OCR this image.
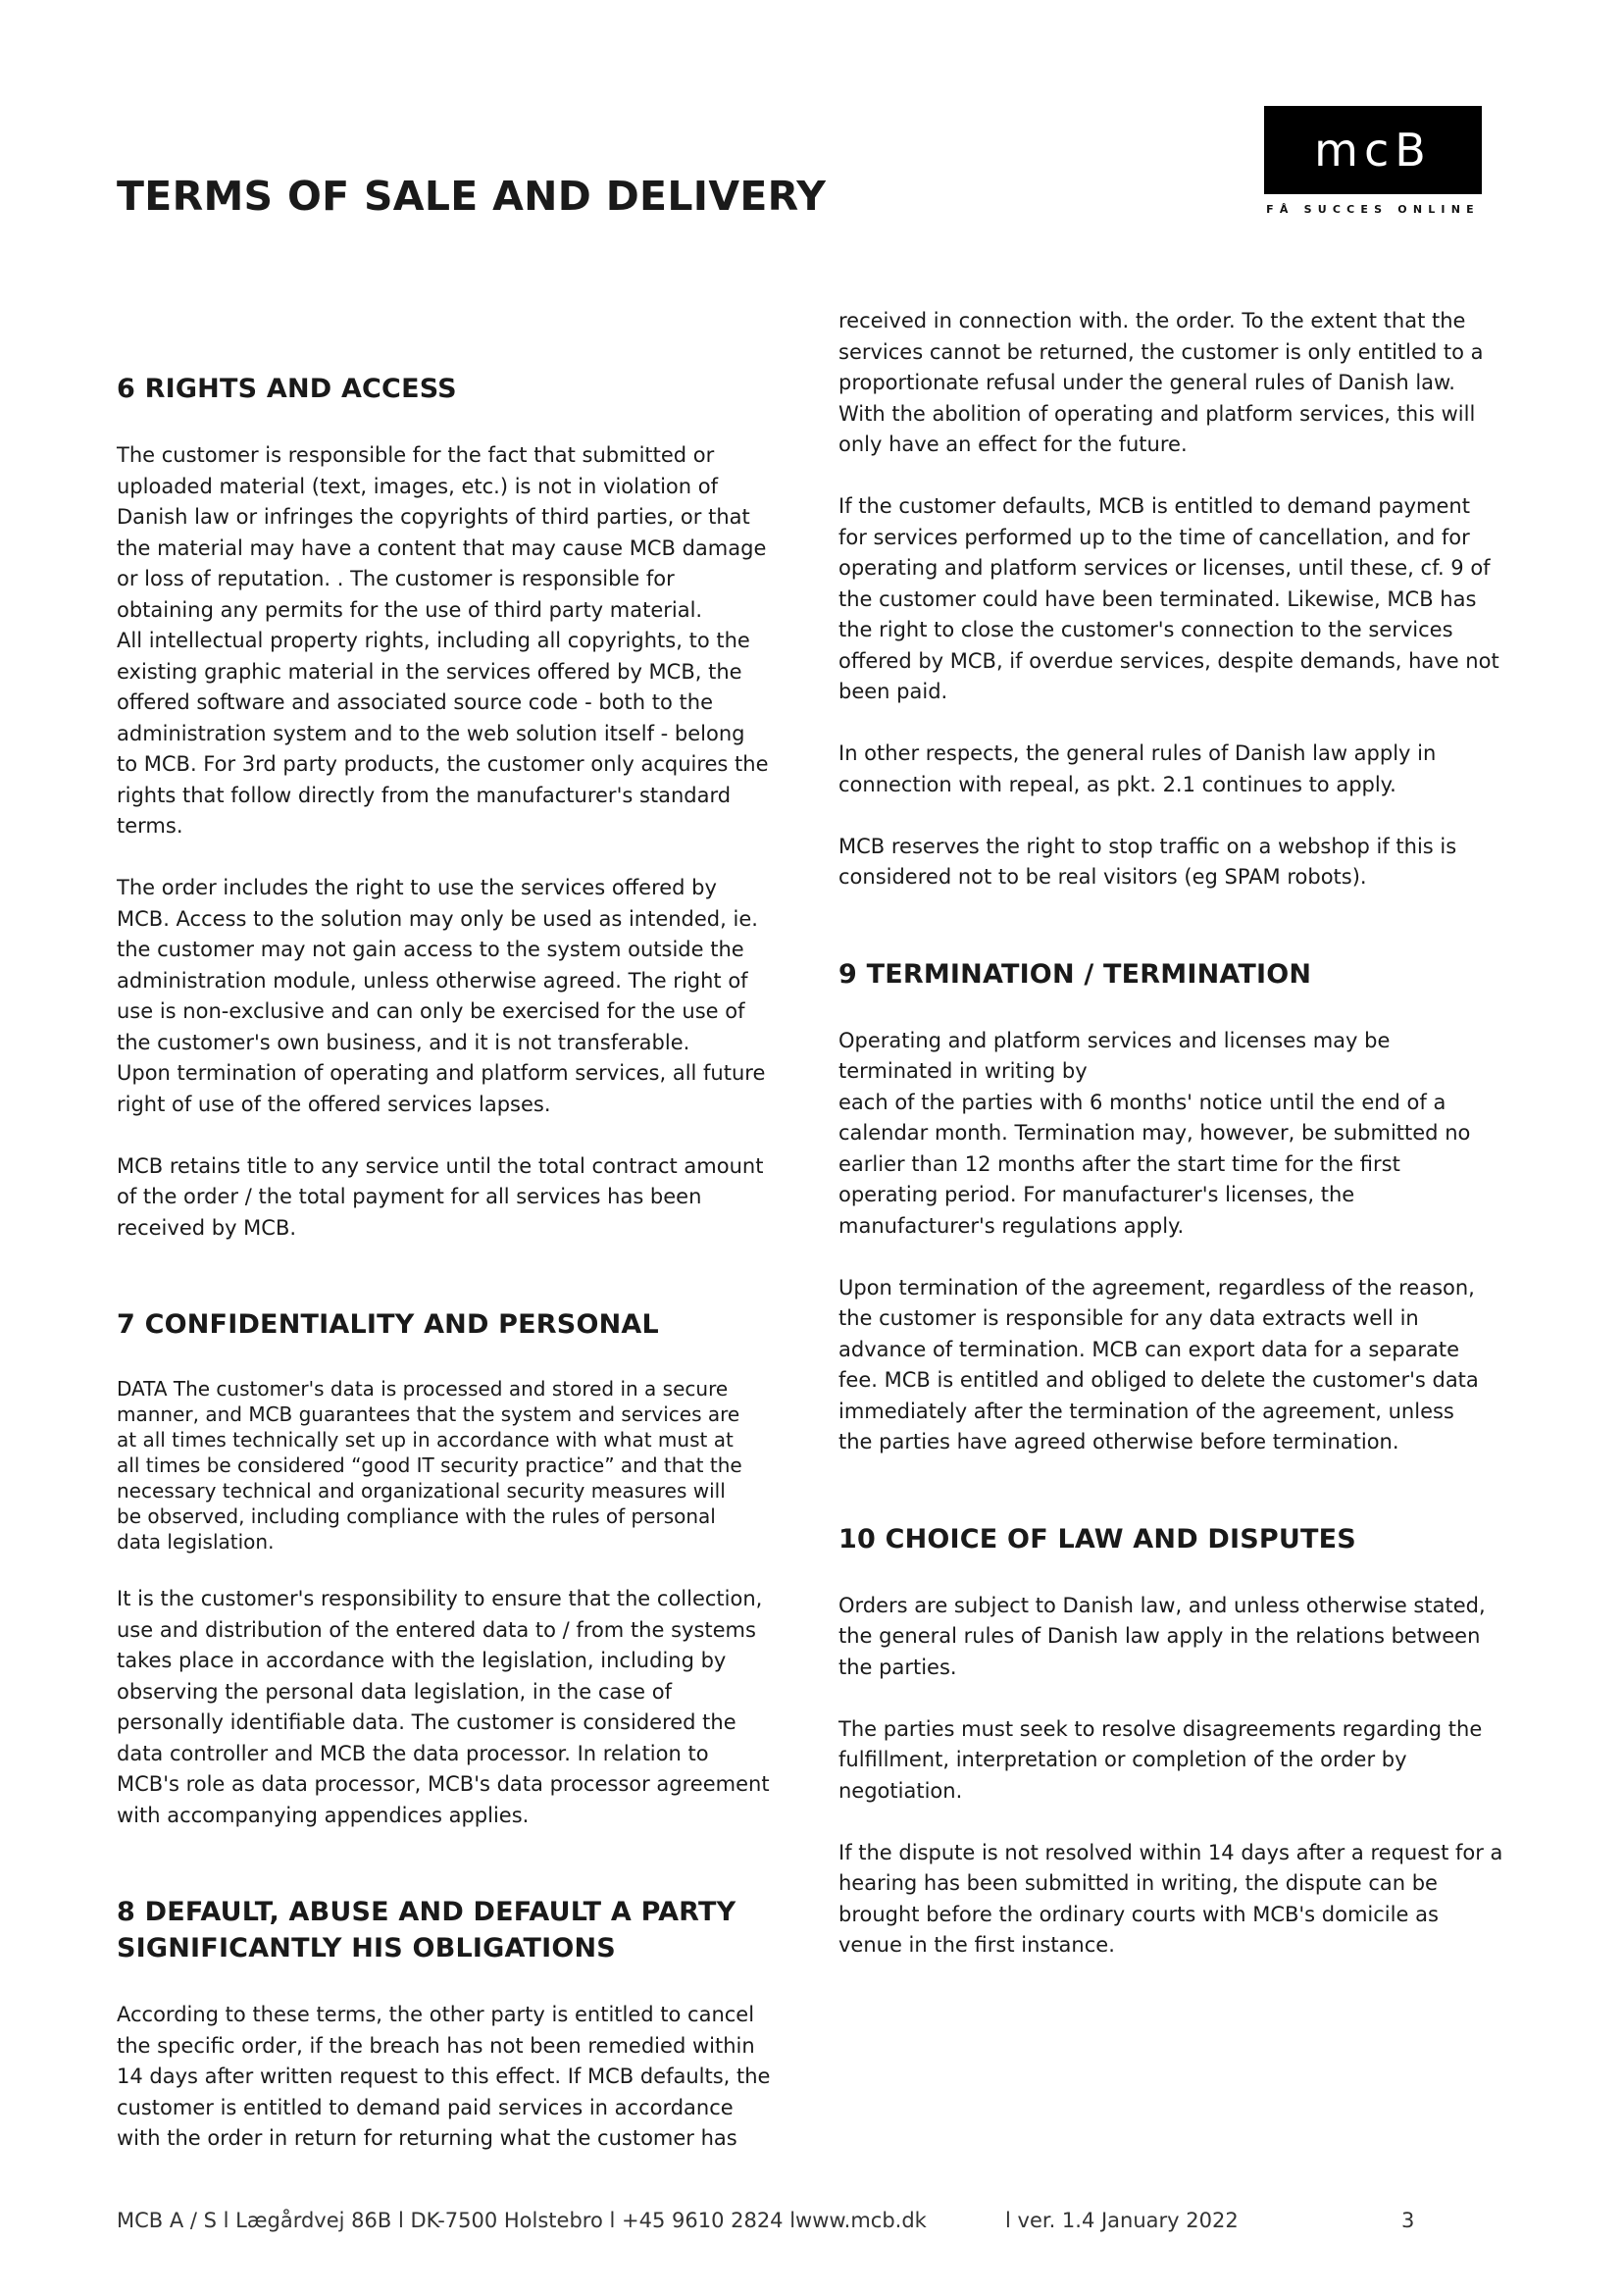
TERMS OF SALE AND DELIVERY
mcB
FÅ SUCCES ONLINE
6 RIGHTS AND ACCESS

The customer is responsible for the fact that submitted or
uploaded material (text, images, etc.) is not in violation of
Danish law or infringes the copyrights of third parties, or that
the material may have a content that may cause MCB damage
or loss of reputation. . The customer is responsible for
obtaining any permits for the use of third party material.
All intellectual property rights, including all copyrights, to the
existing graphic material in the services offered by MCB, the
offered software and associated source code - both to the
administration system and to the web solution itself - belong
to MCB. For 3rd party products, the customer only acquires the
rights that follow directly from the manufacturer's standard
terms.

The order includes the right to use the services offered by
MCB. Access to the solution may only be used as intended, ie.
the customer may not gain access to the system outside the
administration module, unless otherwise agreed. The right of
use is non-exclusive and can only be exercised for the use of
the customer's own business, and it is not transferable.
Upon termination of operating and platform services, all future
right of use of the offered services lapses.

MCB retains title to any service until the total contract amount
of the order / the total payment for all services has been
received by MCB.

7 CONFIDENTIALITY AND PERSONAL

DATA The customer's data is processed and stored in a secure
manner, and MCB guarantees that the system and services are
at all times technically set up in accordance with what must at
all times be considered “good IT security practice” and that the
necessary technical and organizational security measures will
be observed, including compliance with the rules of personal
data legislation.

It is the customer's responsibility to ensure that the collection,
use and distribution of the entered data to / from the systems
takes place in accordance with the legislation, including by
observing the personal data legislation, in the case of
personally identifiable data. The customer is considered the
data controller and MCB the data processor. In relation to
MCB's role as data processor, MCB's data processor agreement
with accompanying appendices applies.

8 DEFAULT, ABUSE AND DEFAULT A PARTY
SIGNIFICANTLY HIS OBLIGATIONS

According to these terms, the other party is entitled to cancel
the specific order, if the breach has not been remedied within
14 days after written request to this effect. If MCB defaults, the
customer is entitled to demand paid services in accordance
with the order in return for returning what the customer has

received in connection with. the order. To the extent that the
services cannot be returned, the customer is only entitled to a
proportionate refusal under the general rules of Danish law.
With the abolition of operating and platform services, this will
only have an effect for the future.

If the customer defaults, MCB is entitled to demand payment
for services performed up to the time of cancellation, and for
operating and platform services or licenses, until these, cf. 9 of
the customer could have been terminated. Likewise, MCB has
the right to close the customer's connection to the services
offered by MCB, if overdue services, despite demands, have not
been paid.

In other respects, the general rules of Danish law apply in
connection with repeal, as pkt. 2.1 continues to apply.

MCB reserves the right to stop traffic on a webshop if this is
considered not to be real visitors (eg SPAM robots).

9 TERMINATION / TERMINATION

Operating and platform services and licenses may be
terminated in writing by
each of the parties with 6 months' notice until the end of a
calendar month. Termination may, however, be submitted no
earlier than 12 months after the start time for the first
operating period. For manufacturer's licenses, the
manufacturer's regulations apply.

Upon termination of the agreement, regardless of the reason,
the customer is responsible for any data extracts well in
advance of termination. MCB can export data for a separate
fee. MCB is entitled and obliged to delete the customer's data
immediately after the termination of the agreement, unless
the parties have agreed otherwise before termination.

10 CHOICE OF LAW AND DISPUTES

Orders are subject to Danish law, and unless otherwise stated,
the general rules of Danish law apply in the relations between
the parties.

The parties must seek to resolve disagreements regarding the
fulfillment, interpretation or completion of the order by
negotiation.

If the dispute is not resolved within 14 days after a request for a
hearing has been submitted in writing, the dispute can be
brought before the ordinary courts with MCB's domicile as
venue in the first instance.

MCB A / S l Lægårdvej 86B l DK-7500 Holstebro l +45 9610 2824 lwww.mcb.dk	l ver. 1.4 January 2022	3
